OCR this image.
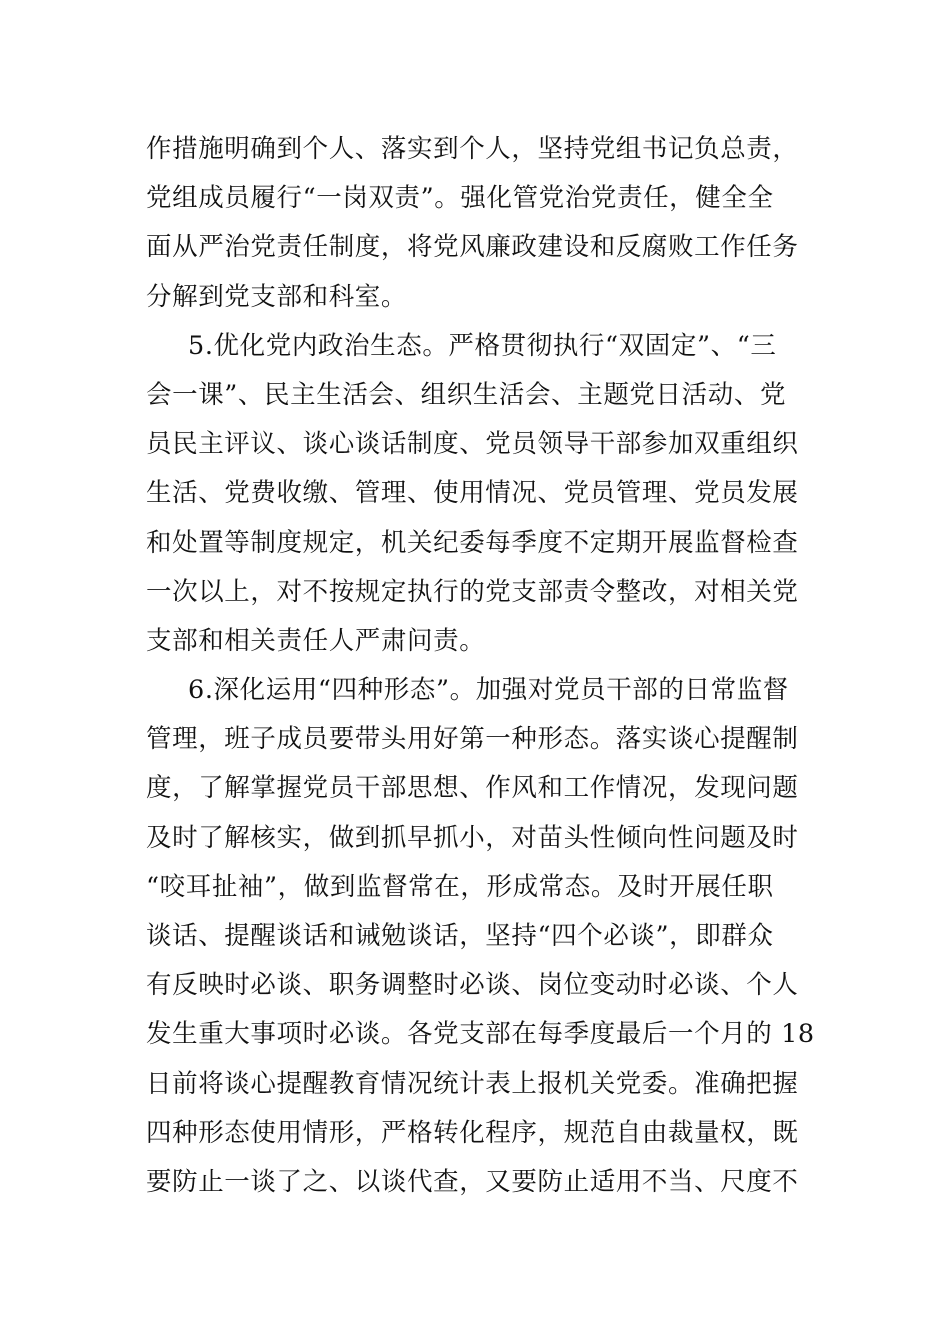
作措施明确到个人、落实到个人，坚持党组书记负总责，
党组成员履行“一岗双责”。强化管党治党责任，健全全
面从严治党责任制度，将党风廉政建设和反腐败工作任务
分解到党支部和科室。
5.优化党内政治生态。严格贯彻执行“双固定”、“三
会一课”、民主生活会、组织生活会、主题党日活动、党
员民主评议、谈心谈话制度、党员领导干部参加双重组织
生活、党费收缴、管理、使用情况、党员管理、党员发展
和处置等制度规定，机关纪委每季度不定期开展监督检查
一次以上，对不按规定执行的党支部责令整改，对相关党
支部和相关责任人严肃问责。
6.深化运用“四种形态”。加强对党员干部的日常监督
管理，班子成员要带头用好第一种形态。落实谈心提醒制
度，了解掌握党员干部思想、作风和工作情况，发现问题
及时了解核实，做到抓早抓小，对苗头性倾向性问题及时
“咬耳扯袖”，做到监督常在，形成常态。及时开展任职
谈话、提醒谈话和诫勉谈话，坚持“四个必谈”，即群众
有反映时必谈、职务调整时必谈、岗位变动时必谈、个人
发生重大事项时必谈。各党支部在每季度最后一个月的 18
日前将谈心提醒教育情况统计表上报机关党委。准确把握
四种形态使用情形，严格转化程序，规范自由裁量权，既
要防止一谈了之、以谈代查，又要防止适用不当、尺度不
